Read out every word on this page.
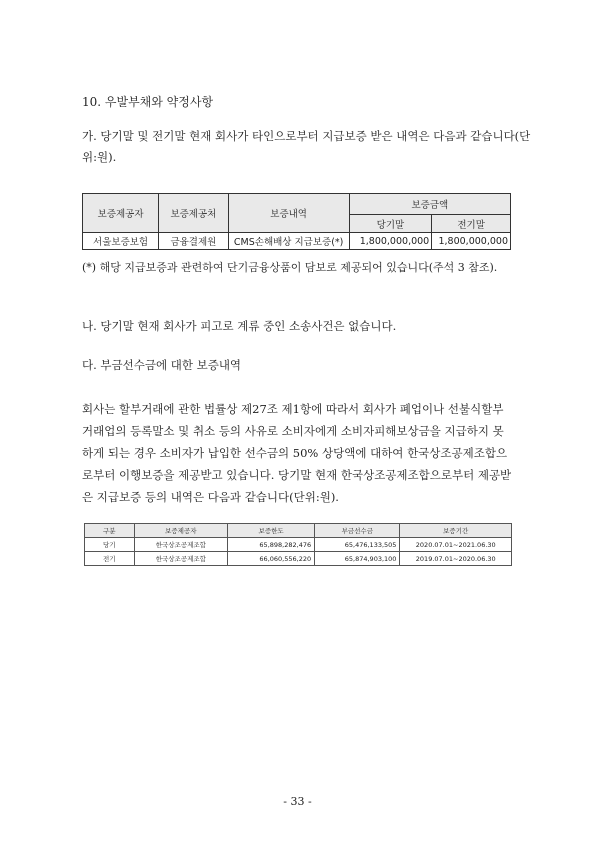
10. 우발부채와 약정사항
가. 당기말 및 전기말 현재 회사가 타인으로부터 지급보증 받은 내역은 다음과 같습니다(단위:원).
보증제공자	보증제공처	보증내역	보증금액	
			당기말	전기말
서울보증보험	금융결제원	CMS손해배상 지급보증(*)	1,800,000,000	1,800,000,000
(*) 해당 지급보증과 관련하여 단기금융상품이 담보로 제공되어 있습니다(주석 3 참조).
나. 당기말 현재 회사가 피고로 계류 중인 소송사건은 없습니다.
다. 부금선수금에 대한 보증내역
회사는 할부거래에 관한 법률상 제27조 제1항에 따라서 회사가 폐업이나 선불식할부거래업의 등록말소 및 취소 등의 사유로 소비자에게 소비자피해보상금을 지급하지 못하게 되는 경우 소비자가 납입한 선수금의 50% 상당액에 대하여 한국상조공제조합으로부터 이행보증을 제공받고 있습니다. 당기말 현재 한국상조공제조합으로부터 제공받은 지급보증 등의 내역은 다음과 같습니다(단위:원).
구분	보증제공자	보증한도	부금선수금	보증기간
당기	한국상조공제조합	65,898,282,476	65,476,133,505	2020.07.01~2021.06.30
전기	한국상조공제조합	66,060,556,220	65,874,903,100	2019.07.01~2020.06.30
- 33 -
